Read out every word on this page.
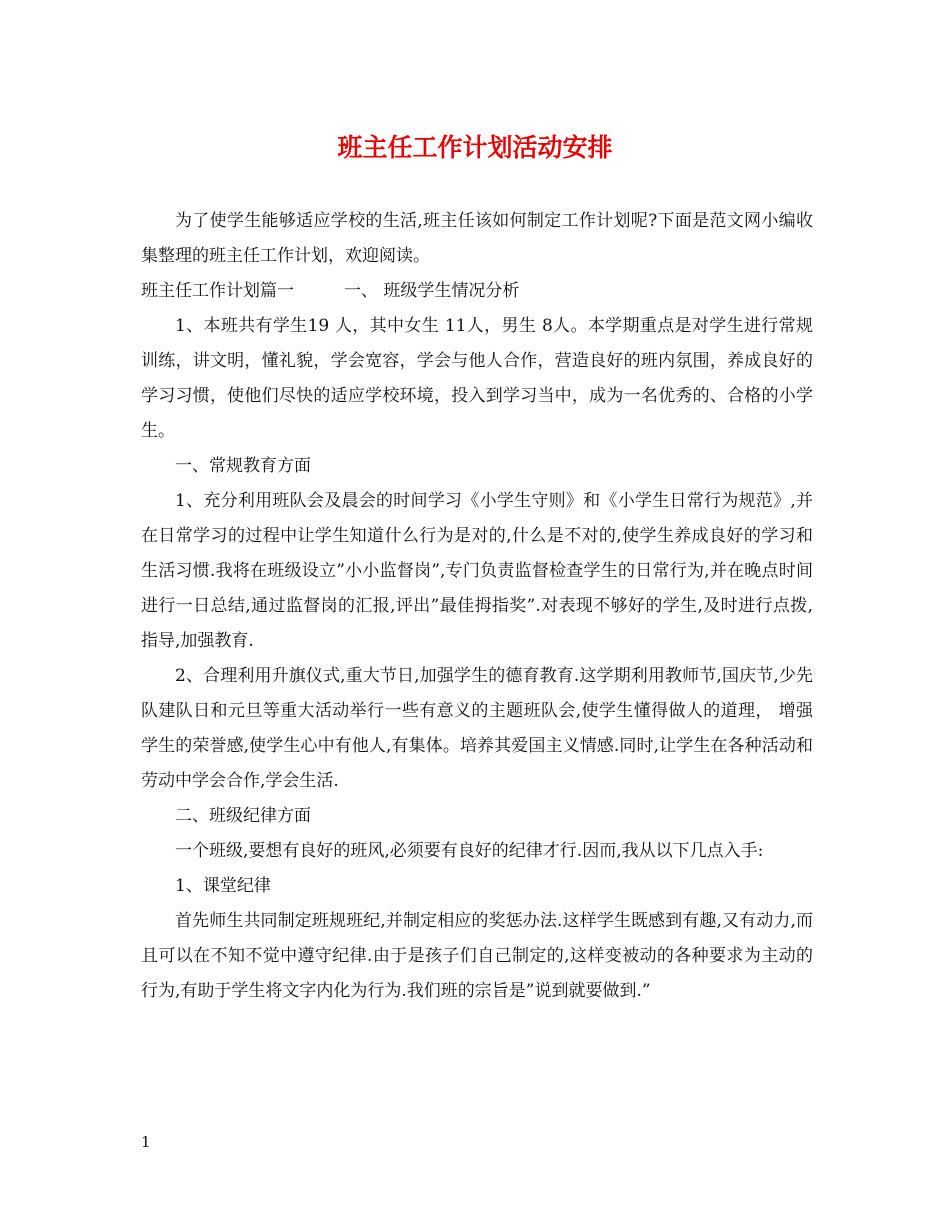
班主任工作计划活动安排

为了使学生能够适应学校的生活,班主任该如何制定工作计划呢?下面是范文网小编收集整理的班主任工作计划，欢迎阅读。

班主任工作计划篇一	一、 班级学生情况分析

1、本班共有学生19 人，其中女生 11人，男生 8人。本学期重点是对学生进行常规训练，讲文明，懂礼貌，学会宽容，学会与他人合作，营造良好的班内氛围，养成良好的学习习惯，使他们尽快的适应学校环境，投入到学习当中，成为一名优秀的、合格的小学生。

一、常规教育方面

1、充分利用班队会及晨会的时间学习《小学生守则》和《小学生日常行为规范》,并在日常学习的过程中让学生知道什么行为是对的,什么是不对的,使学生养成良好的学习和生活习惯.我将在班级设立”小小监督岗”,专门负责监督检查学生的日常行为,并在晚点时间进行一日总结,通过监督岗的汇报,评出”最佳拇指奖”.对表现不够好的学生,及时进行点拨,指导,加强教育.

2、合理利用升旗仪式,重大节日,加强学生的德育教育.这学期利用教师节,国庆节,少先队建队日和元旦等重大活动举行一些有意义的主题班队会,使学生懂得做人的道理， 增强学生的荣誉感,使学生心中有他人,有集体。培养其爱国主义情感.同时,让学生在各种活动和劳动中学会合作,学会生活.

二、班级纪律方面

一个班级,要想有良好的班风,必须要有良好的纪律才行.因而,我从以下几点入手:

1、课堂纪律

首先师生共同制定班规班纪,并制定相应的奖惩办法.这样学生既感到有趣,又有动力,而且可以在不知不觉中遵守纪律.由于是孩子们自己制定的,这样变被动的各种要求为主动的行为,有助于学生将文字内化为行为.我们班的宗旨是”说到就要做到.”

1
